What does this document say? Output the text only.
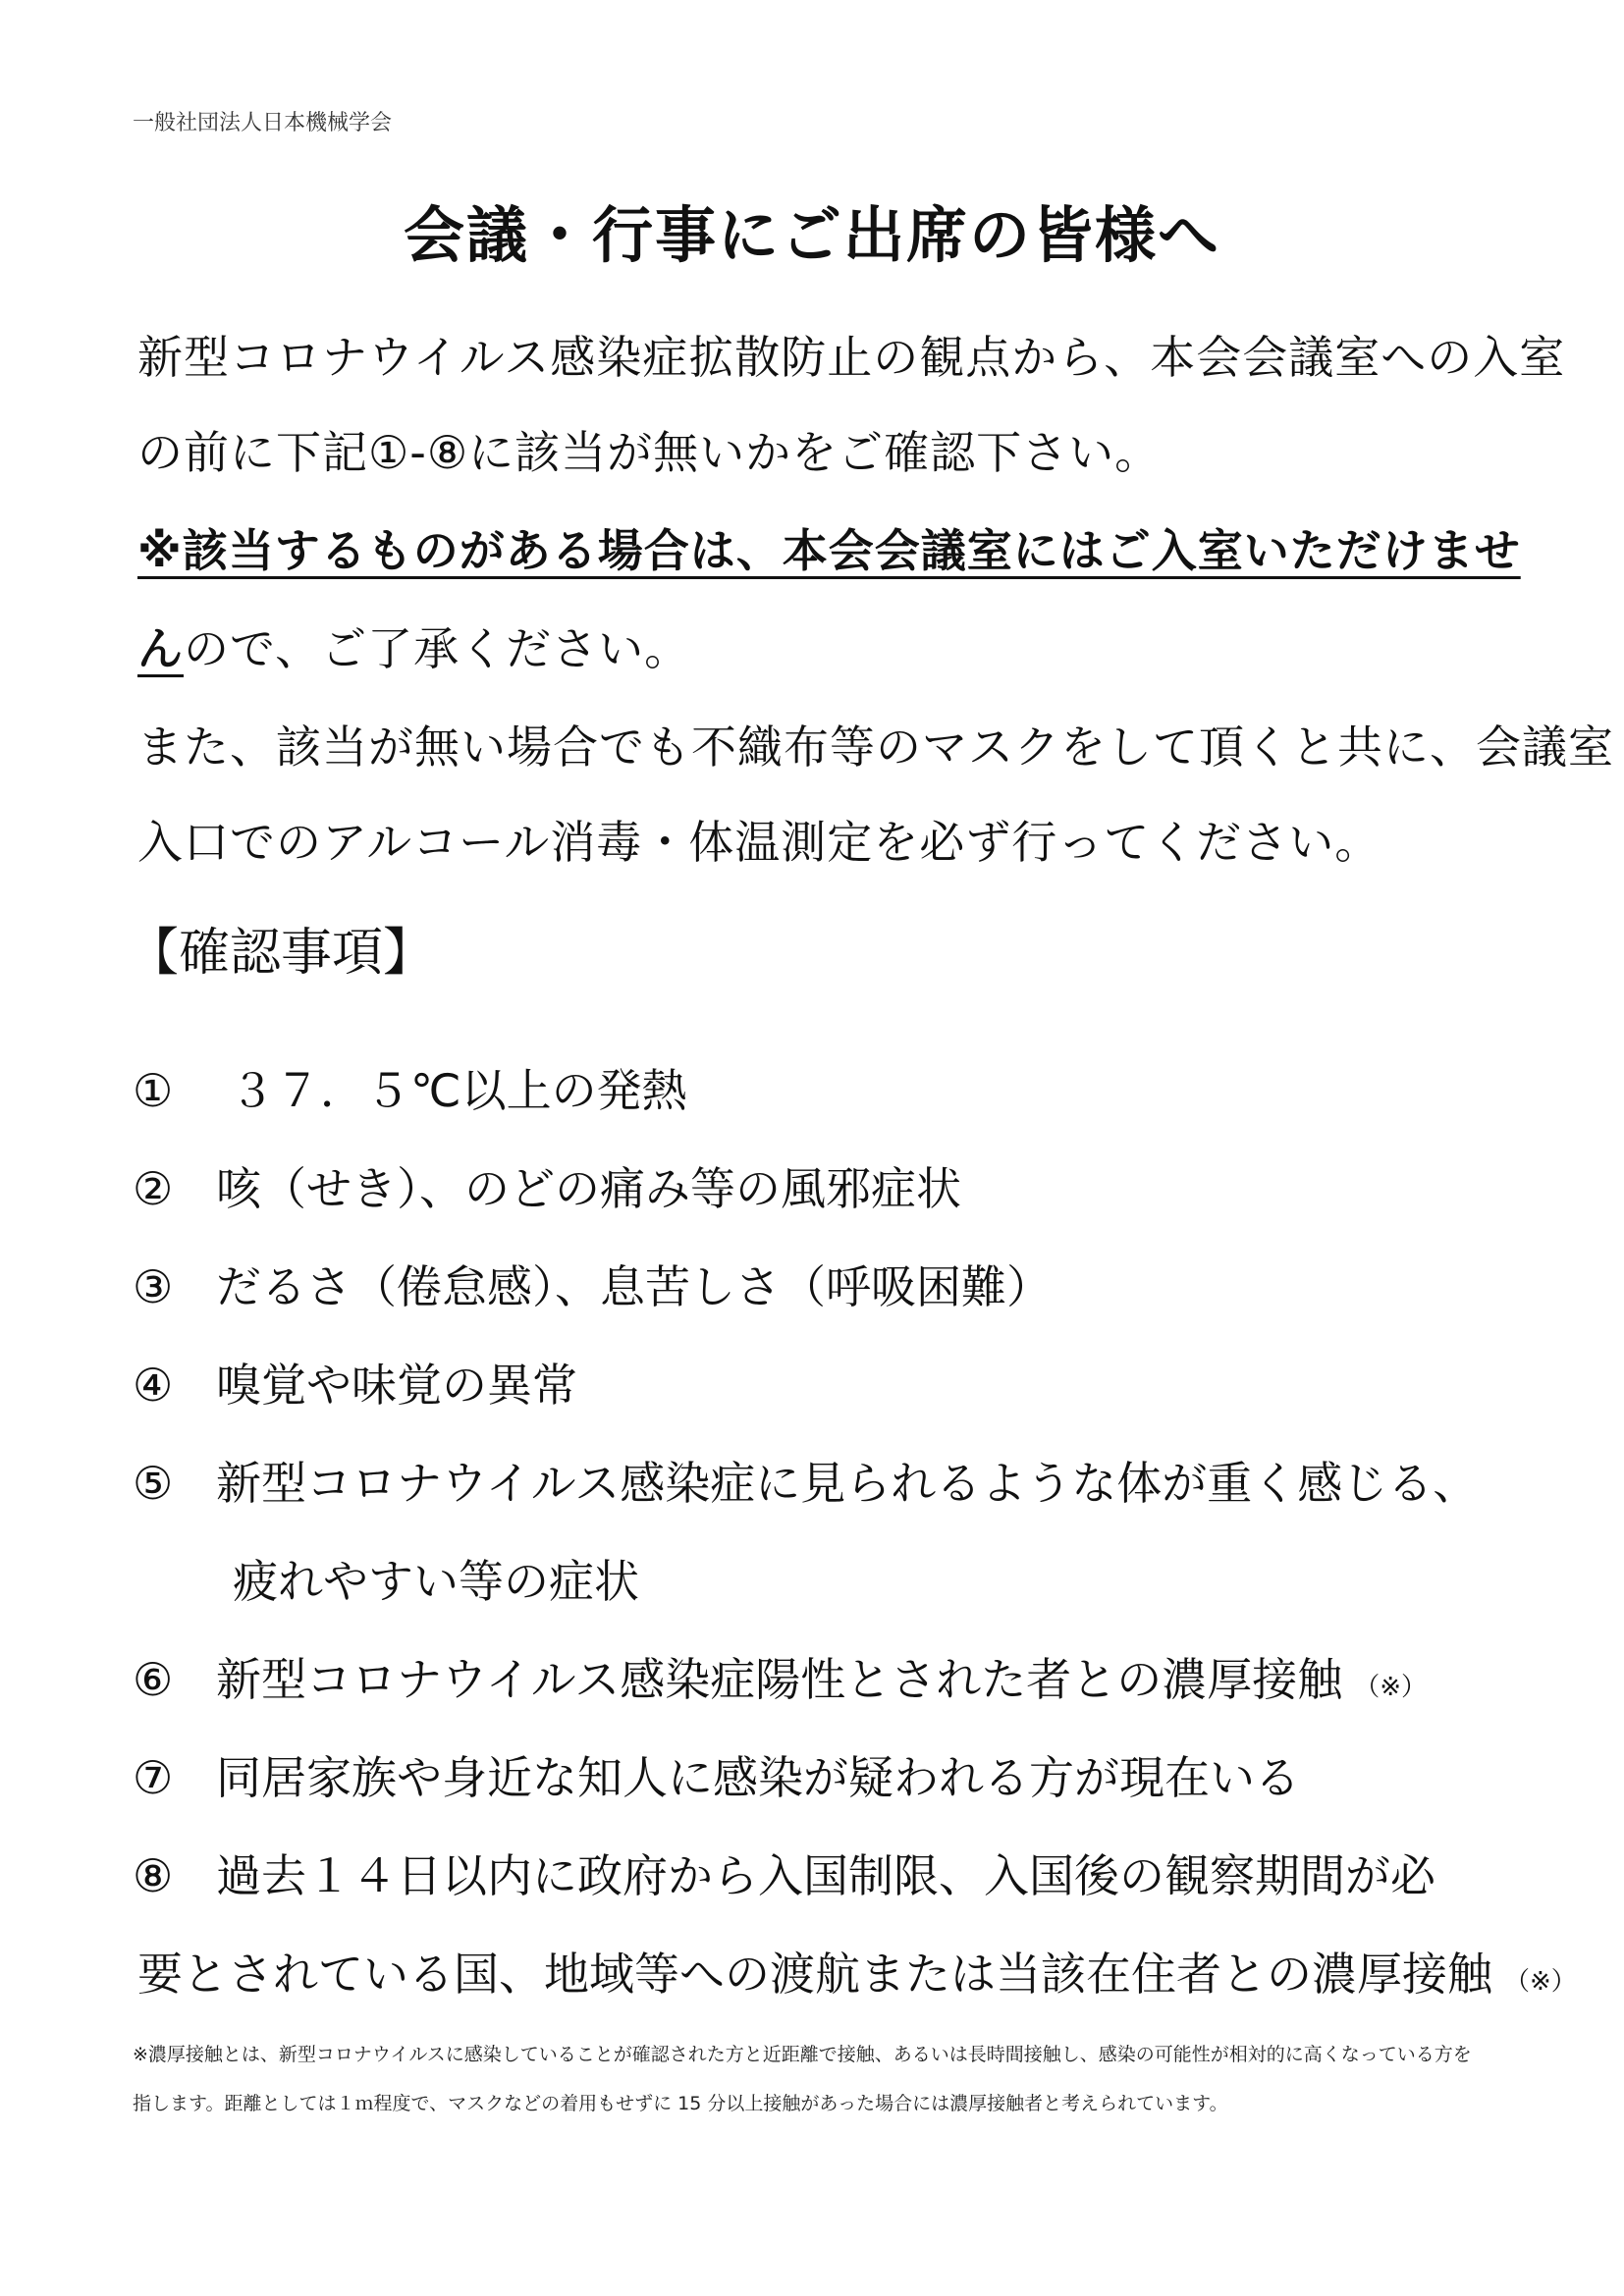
一般社団法人日本機械学会
会議・行事にご出席の皆様へ
新型コロナウイルス感染症拡散防止の観点から、本会会議室への入室
の前に下記①-⑧に該当が無いかをご確認下さい。
※該当するものがある場合は、本会会議室にはご入室いただけませ
んので、ご了承ください。
また、該当が無い場合でも不織布等のマスクをして頂くと共に、会議室
入口でのアルコール消毒・体温測定を必ず行ってください。
【確認事項】
① ３７．５℃以上の発熱
② 咳（せき）、のどの痛み等の風邪症状
③ だるさ（倦怠感）、息苦しさ（呼吸困難）
④ 嗅覚や味覚の異常
⑤ 新型コロナウイルス感染症に見られるような体が重く感じる、
疲れやすい等の症状
⑥ 新型コロナウイルス感染症陽性とされた者との濃厚接触 （※）
⑦ 同居家族や身近な知人に感染が疑われる方が現在いる
⑧ 過去１４日以内に政府から入国制限、入国後の観察期間が必
要とされている国、地域等への渡航または当該在住者との濃厚接触 （※）
※濃厚接触とは、新型コロナウイルスに感染していることが確認された方と近距離で接触、あるいは長時間接触し、感染の可能性が相対的に高くなっている方を
指します。距離としては１ｍ程度で、マスクなどの着用もせずに 15 分以上接触があった場合には濃厚接触者と考えられています。
